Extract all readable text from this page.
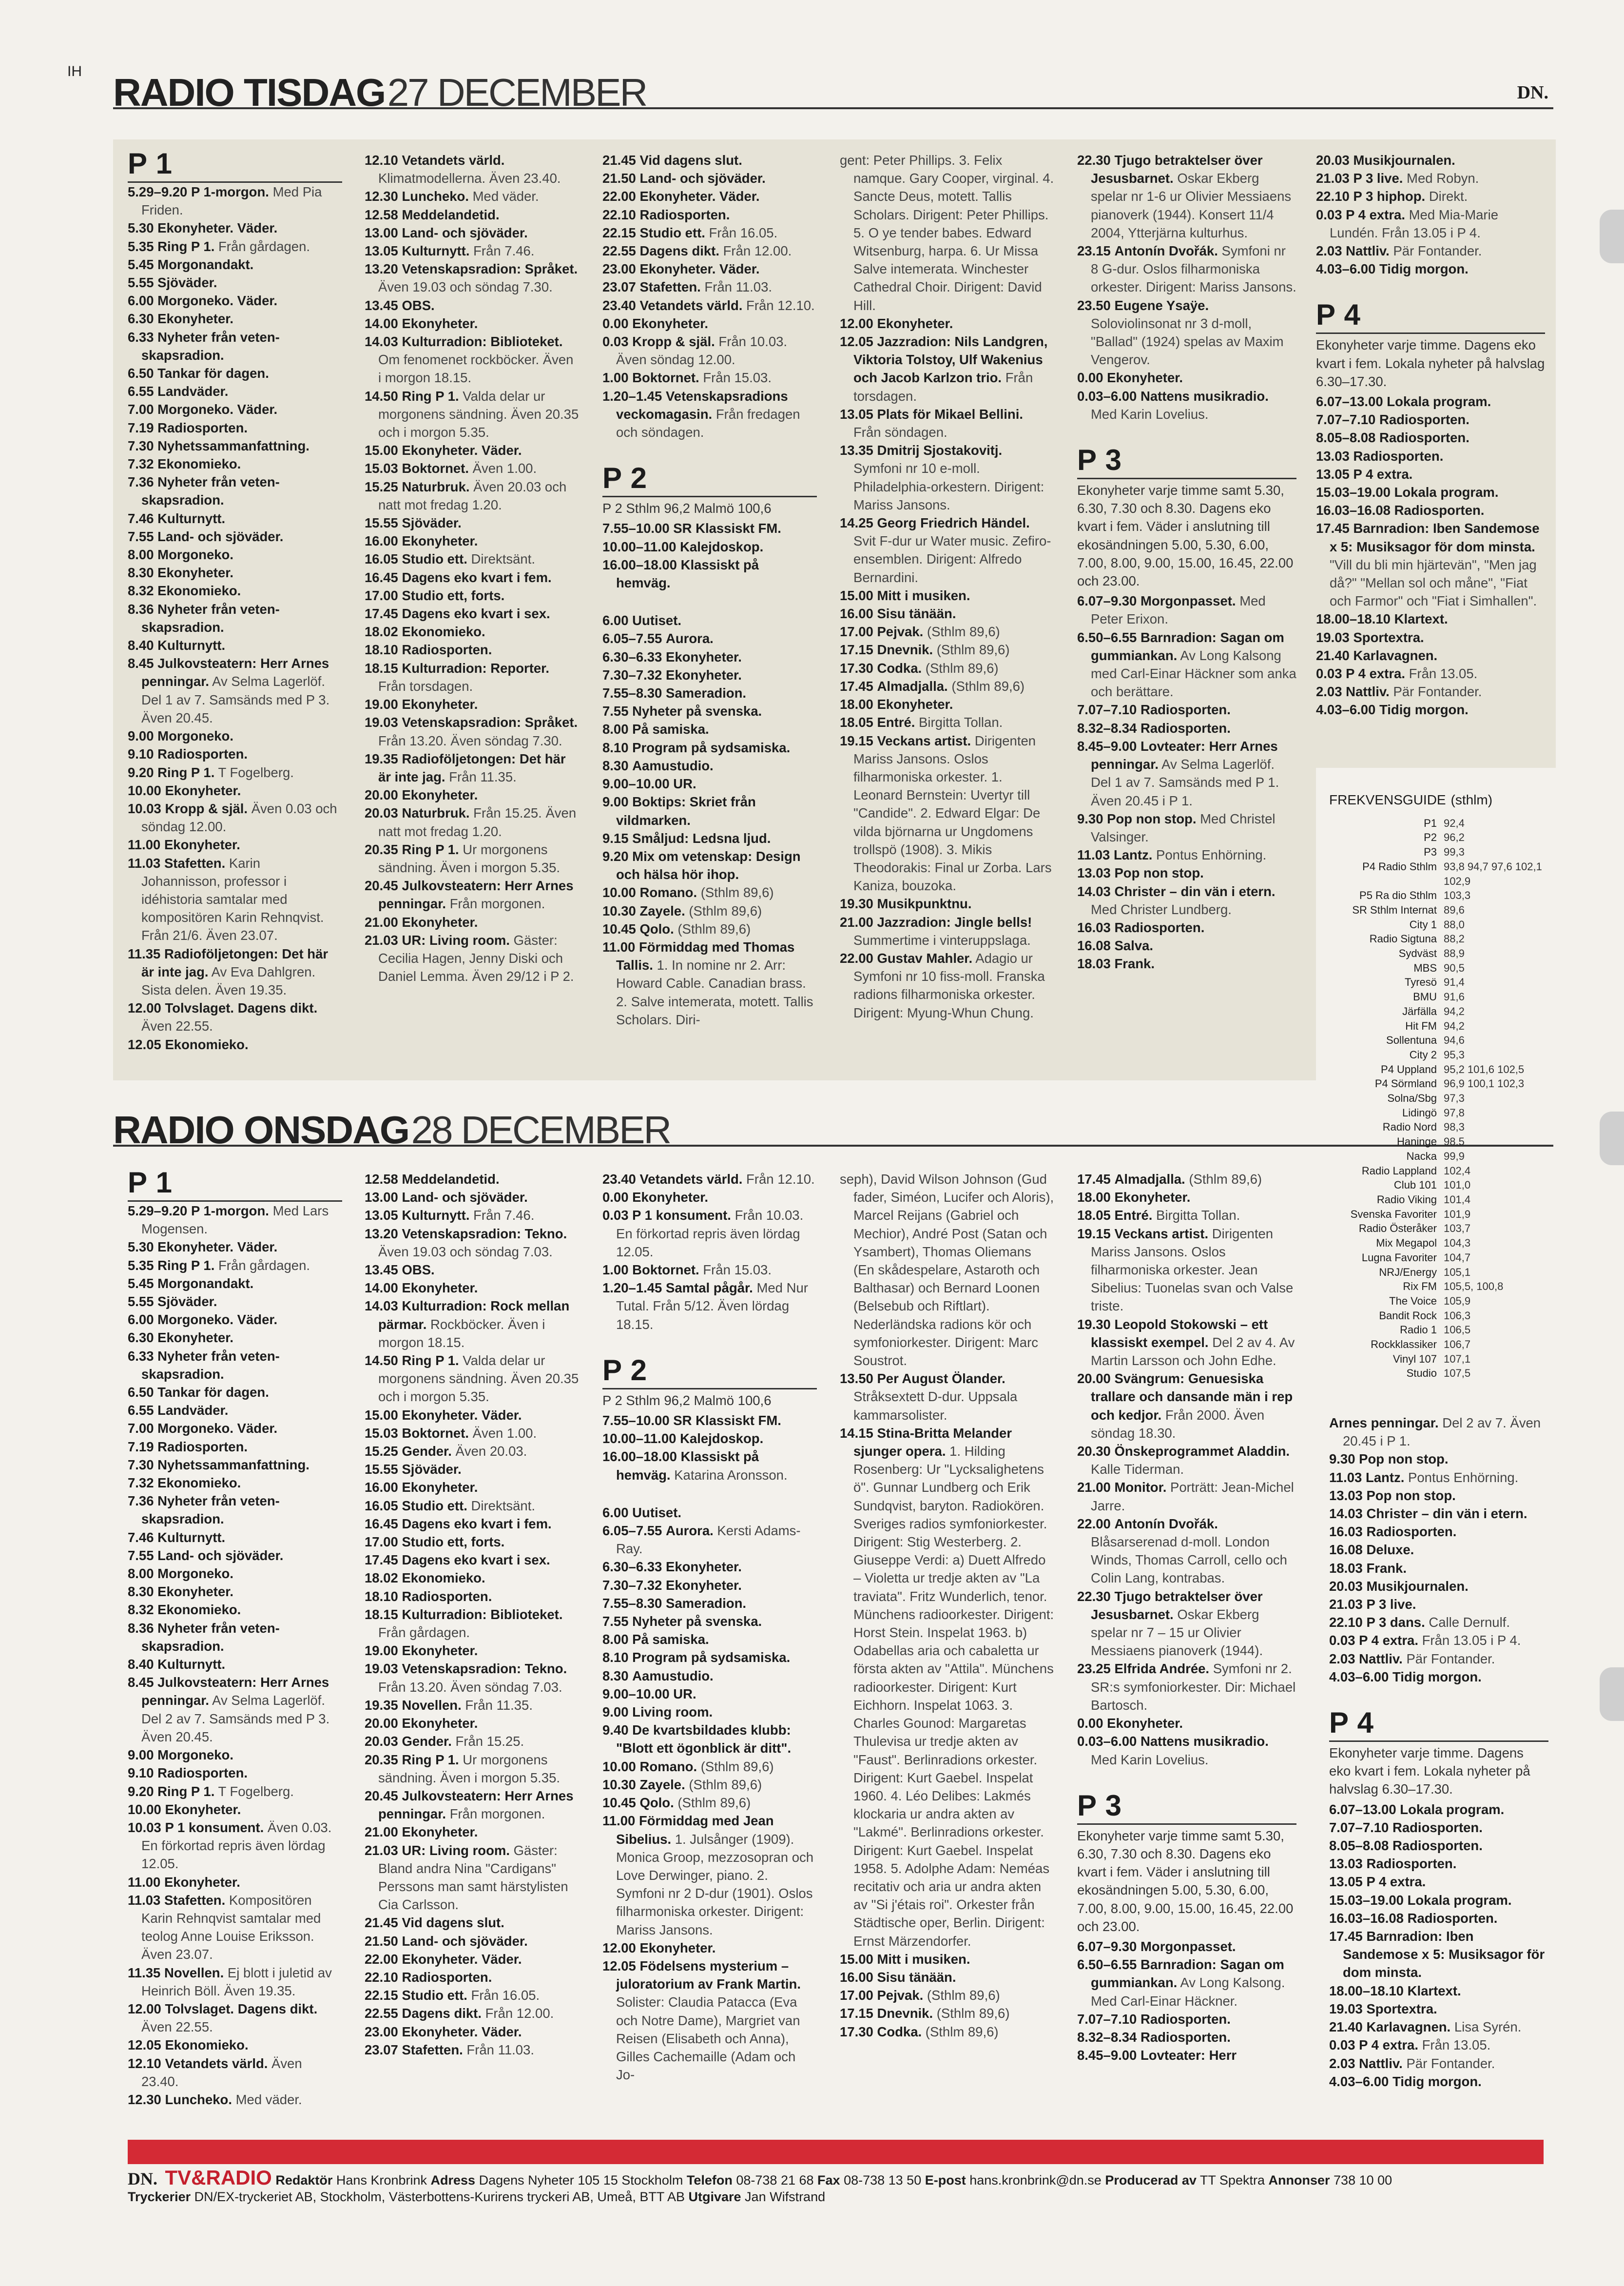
RADIO TISDAG 27 DECEMBER	DN.
P 1

5.29–9.20 P 1-morgon. Med Pia Friden.

5.30 Ekonyheter. Väder.

5.35 Ring P 1. Från gårdagen.

5.45 Morgonandakt.

5.55 Sjöväder.

6.00 Morgoneko. Väder.

6.30 Ekonyheter.

6.33 Nyheter från veten-skapsradion.

6.50 Tankar för dagen.

6.55 Landväder.

7.00 Morgoneko. Väder.

7.19 Radiosporten.

7.30 Nyhetssammanfattning.

7.32 Ekonomieko.

7.36 Nyheter från veten-skapsradion.

7.46 Kulturnytt.

7.55 Land- och sjöväder.

8.00 Morgoneko.

8.30 Ekonyheter.

8.32 Ekonomieko.

8.36 Nyheter från veten-skapsradion.

8.40 Kulturnytt.

8.45 Julkovsteatern: Herr Arnes penningar. Av Selma Lagerlöf. Del 1 av 7. Samsänds med P 3. Även 20.45.

9.00 Morgoneko.

9.10 Radiosporten.

9.20 Ring P 1. T Fogelberg.

10.00 Ekonyheter.

10.03 Kropp & själ. Även 0.03 och söndag 12.00.

11.00 Ekonyheter.

11.03 Stafetten. Karin Johannisson, professor i idéhistoria samtalar med kompositören Karin Rehnqvist. Från 21/6. Även 23.07.

11.35 Radioföljetongen: Det här är inte jag. Av Eva Dahlgren. Sista delen. Även 19.35.

12.00 Tolvslaget. Dagens dikt. Även 22.55.

12.05 Ekonomieko.

12.10 Vetandets värld. Klimatmodellerna. Även 23.40.

12.30 Luncheko. Med väder.

12.58 Meddelandetid.

13.00 Land- och sjöväder.

13.05 Kulturnytt. Från 7.46.

13.20 Vetenskapsradion: Språket. Även 19.03 och söndag 7.30.

13.45 OBS.

14.00 Ekonyheter.

14.03 Kulturradion: Biblioteket. Om fenomenet rockböcker. Även i morgon 18.15.

14.50 Ring P 1. Valda delar ur morgonens sändning. Även 20.35 och i morgon 5.35.

15.00 Ekonyheter. Väder.

15.03 Boktornet. Även 1.00.

15.25 Naturbruk. Även 20.03 och natt mot fredag 1.20.

15.55 Sjöväder.

16.00 Ekonyheter.

16.05 Studio ett. Direktsänt.

16.45 Dagens eko kvart i fem.

17.00 Studio ett, forts.

17.45 Dagens eko kvart i sex.

18.02 Ekonomieko.

18.10 Radiosporten.

18.15 Kulturradion: Reporter. Från torsdagen.

19.00 Ekonyheter.

19.03 Vetenskapsradion: Språket. Från 13.20. Även söndag 7.30.

19.35 Radioföljetongen: Det här är inte jag. Från 11.35.

20.00 Ekonyheter.

20.03 Naturbruk. Från 15.25. Även natt mot fredag 1.20.

20.35 Ring P 1. Ur morgonens sändning. Även i morgon 5.35.

20.45 Julkovsteatern: Herr Arnes penningar. Från morgonen.

21.00 Ekonyheter.

21.03 UR: Living room. Gäster: Cecilia Hagen, Jenny Diski och Daniel Lemma. Även 29/12 i P 2.

21.45 Vid dagens slut.

21.50 Land- och sjöväder.

22.00 Ekonyheter. Väder.

22.10 Radiosporten.

22.15 Studio ett. Från 16.05.

22.55 Dagens dikt. Från 12.00.

23.00 Ekonyheter. Väder.

23.07 Stafetten. Från 11.03.

23.40 Vetandets värld. Från 12.10.

0.00 Ekonyheter.

0.03 Kropp & själ. Från 10.03. Även söndag 12.00.

1.00 Boktornet. Från 15.03.

1.20–1.45 Vetenskapsradions veckomagasin. Från fredagen och söndagen.

P 2

P 2 Sthlm 96,2 Malmö 100,6

7.55–10.00 SR Klassiskt FM.

10.00–11.00 Kalejdoskop.

16.00–18.00 Klassiskt på hemväg.

6.00 Uutiset.

6.05–7.55 Aurora.

6.30–6.33 Ekonyheter.

7.30–7.32 Ekonyheter.

7.55–8.30 Sameradion.

7.55 Nyheter på svenska.

8.00 På samiska.

8.10 Program på sydsamiska.

8.30 Aamustudio.

9.00–10.00 UR.

9.00 Boktips: Skriet från vildmarken.

9.15 Småljud: Ledsna ljud.

9.20 Mix om vetenskap: Design och hälsa hör ihop.

10.00 Romano. (Sthlm 89,6)

10.30 Zayele. (Sthlm 89,6)

10.45 Qolo. (Sthlm 89,6)

11.00 Förmiddag med Thomas Tallis. 1. In nomine nr 2. Arr: Howard Cable. Canadian brass. 2. Salve intemerata, motett. Tallis Scholars. Diri-

gent: Peter Phillips. 3. Felix namque. Gary Cooper, virginal. 4. Sancte Deus, motett. Tallis Scholars. Dirigent: Peter Phillips. 5. O ye tender babes. Edward Witsenburg, harpa. 6. Ur Missa Salve intemerata. Winchester Cathedral Choir. Dirigent: David Hill.

12.00 Ekonyheter.

12.05 Jazzradion: Nils Landgren, Viktoria Tolstoy, Ulf Wakenius och Jacob Karlzon trio. Från torsdagen.

13.05 Plats för Mikael Bellini. Från söndagen.

13.35 Dmitrij Sjostakovitj. Symfoni nr 10 e-moll. Philadelphia-orkestern. Dirigent: Mariss Jansons.

14.25 Georg Friedrich Händel. Svit F-dur ur Water music. Zefiro-ensemblen. Dirigent: Alfredo Bernardini.

15.00 Mitt i musiken.

16.00 Sisu tänään.

17.00 Pejvak. (Sthlm 89,6)

17.15 Dnevnik. (Sthlm 89,6)

17.30 Codka. (Sthlm 89,6)

17.45 Almadjalla. (Sthlm 89,6)

18.00 Ekonyheter.

18.05 Entré. Birgitta Tollan.

19.15 Veckans artist. Dirigenten Mariss Jansons. Oslos filharmoniska orkester. 1. Leonard Bernstein: Uvertyr till "Candide". 2. Edward Elgar: De vilda björnarna ur Ungdomens trollspö (1908). 3. Mikis Theodorakis: Final ur Zorba. Lars Kaniza, bouzoka.

19.30 Musikpunktnu.

21.00 Jazzradion: Jingle bells! Summertime i vinteruppslaga.

22.00 Gustav Mahler. Adagio ur Symfoni nr 10 fiss-moll. Franska radions filharmoniska orkester. Dirigent: Myung-Whun Chung.

22.30 Tjugo betraktelser över Jesusbarnet. Oskar Ekberg spelar nr 1-6 ur Olivier Messiaens pianoverk (1944). Konsert 11/4 2004, Ytterjärna kulturhus.

23.15 Antonín Dvořák. Symfoni nr 8 G-dur. Oslos filharmoniska orkester. Dirigent: Mariss Jansons.

23.50 Eugene Ysaÿe. Soloviolinsonat nr 3 d-moll, "Ballad" (1924) spelas av Maxim Vengerov.

0.00 Ekonyheter.

0.03–6.00 Nattens musikradio. Med Karin Lovelius.

P 3

Ekonyheter varje timme samt 5.30, 6.30, 7.30 och 8.30. Dagens eko kvart i fem. Väder i anslutning till ekosändningen 5.00, 5.30, 6.00, 7.00, 8.00, 9.00, 15.00, 16.45, 22.00 och 23.00.

6.07–9.30 Morgonpasset. Med Peter Erixon.

6.50–6.55 Barnradion: Sagan om gummiankan. Av Long Kalsong med Carl-Einar Häckner som anka och berättare.

7.07–7.10 Radiosporten.

8.32–8.34 Radiosporten.

8.45–9.00 Lovteater: Herr Arnes penningar. Av Selma Lagerlöf. Del 1 av 7. Samsänds med P 1. Även 20.45 i P 1.

9.30 Pop non stop. Med Christel Valsinger.

11.03 Lantz. Pontus Enhörning.

13.03 Pop non stop.

14.03 Christer – din vän i etern. Med Christer Lundberg.

16.03 Radiosporten.

16.08 Salva.

18.03 Frank.

20.03 Musikjournalen.

21.03 P 3 live. Med Robyn.

22.10 P 3 hiphop. Direkt.

0.03 P 4 extra. Med Mia-Marie Lundén. Från 13.05 i P 4.

2.03 Nattliv. Pär Fontander.

4.03–6.00 Tidig morgon.

P 4

Ekonyheter varje timme. Dagens eko kvart i fem. Lokala nyheter på halvslag 6.30–17.30.

6.07–13.00 Lokala program.

7.07–7.10 Radiosporten.

8.05–8.08 Radiosporten.

13.03 Radiosporten.

13.05 P 4 extra.

15.03–19.00 Lokala program.

16.03–16.08 Radiosporten.

17.45 Barnradion: Iben Sandemose x 5: Musiksagor för dom minsta. "Vill du bli min hjärtevän", "Men jag då?" "Mellan sol och måne", "Fiat och Farmor" och "Fiat i Simhallen".

18.00–18.10 Klartext.

19.03 Sportextra.

21.40 Karlavagnen.

0.03 P 4 extra. Från 13.05.

2.03 Nattliv. Pär Fontander.

4.03–6.00 Tidig morgon.

RADIO ONSDAG 28 DECEMBER
P 1

5.29–9.20 P 1-morgon. Med Lars Mogensen.

5.30 Ekonyheter. Väder.

5.35 Ring P 1. Från gårdagen.

5.45 Morgonandakt.

5.55 Sjöväder.

6.00 Morgoneko. Väder.

6.30 Ekonyheter.

6.33 Nyheter från veten-skapsradion.

6.50 Tankar för dagen.

6.55 Landväder.

7.00 Morgoneko. Väder.

7.19 Radiosporten.

7.30 Nyhetssammanfattning.

7.32 Ekonomieko.

7.36 Nyheter från veten-skapsradion.

7.46 Kulturnytt.

7.55 Land- och sjöväder.

8.00 Morgoneko.

8.30 Ekonyheter.

8.32 Ekonomieko.

8.36 Nyheter från veten-skapsradion.

8.40 Kulturnytt.

8.45 Julkovsteatern: Herr Arnes penningar. Av Selma Lagerlöf. Del 2 av 7. Samsänds med P 3. Även 20.45.

9.00 Morgoneko.

9.10 Radiosporten.

9.20 Ring P 1. T Fogelberg.

10.00 Ekonyheter.

10.03 P 1 konsument. Även 0.03. En förkortad repris även lördag 12.05.

11.00 Ekonyheter.

11.03 Stafetten. Kompositören Karin Rehnqvist samtalar med teolog Anne Louise Eriksson. Även 23.07.

11.35 Novellen. Ej blott i juletid av Heinrich Böll. Även 19.35.

12.00 Tolvslaget. Dagens dikt. Även 22.55.

12.05 Ekonomieko.

12.10 Vetandets värld. Även 23.40.

12.30 Luncheko. Med väder.

12.58 Meddelandetid.

13.00 Land- och sjöväder.

13.05 Kulturnytt. Från 7.46.

13.20 Vetenskapsradion: Tekno. Även 19.03 och söndag 7.03.

13.45 OBS.

14.00 Ekonyheter.

14.03 Kulturradion: Rock mellan pärmar. Rockböcker. Även i morgon 18.15.

14.50 Ring P 1. Valda delar ur morgonens sändning. Även 20.35 och i morgon 5.35.

15.00 Ekonyheter. Väder.

15.03 Boktornet. Även 1.00.

15.25 Gender. Även 20.03.

15.55 Sjöväder.

16.00 Ekonyheter.

16.05 Studio ett. Direktsänt.

16.45 Dagens eko kvart i fem.

17.00 Studio ett, forts.

17.45 Dagens eko kvart i sex.

18.02 Ekonomieko.

18.10 Radiosporten.

18.15 Kulturradion: Biblioteket. Från gårdagen.

19.00 Ekonyheter.

19.03 Vetenskapsradion: Tekno. Från 13.20. Även söndag 7.03.

19.35 Novellen. Från 11.35.

20.00 Ekonyheter.

20.03 Gender. Från 15.25.

20.35 Ring P 1. Ur morgonens sändning. Även i morgon 5.35.

20.45 Julkovsteatern: Herr Arnes penningar. Från morgonen.

21.00 Ekonyheter.

21.03 UR: Living room. Gäster: Bland andra Nina "Cardigans" Perssons man samt härstylisten Cia Carlsson.

21.45 Vid dagens slut.

21.50 Land- och sjöväder.

22.00 Ekonyheter. Väder.

22.10 Radiosporten.

22.15 Studio ett. Från 16.05.

22.55 Dagens dikt. Från 12.00.

23.00 Ekonyheter. Väder.

23.07 Stafetten. Från 11.03.

23.40 Vetandets värld. Från 12.10.

0.00 Ekonyheter.

0.03 P 1 konsument. Från 10.03. En förkortad repris även lördag 12.05.

1.00 Boktornet. Från 15.03.

1.20–1.45 Samtal pågår. Med Nur Tutal. Från 5/12. Även lördag 18.15.

P 2

P 2 Sthlm 96,2 Malmö 100,6

7.55–10.00 SR Klassiskt FM.

10.00–11.00 Kalejdoskop.

16.00–18.00 Klassiskt på hemväg. Katarina Aronsson.

6.00 Uutiset.

6.05–7.55 Aurora. Kersti Adams-Ray.

6.30–6.33 Ekonyheter.

7.30–7.32 Ekonyheter.

7.55–8.30 Sameradion.

7.55 Nyheter på svenska.

8.00 På samiska.

8.10 Program på sydsamiska.

8.30 Aamustudio.

9.00–10.00 UR.

9.00 Living room.

9.40 De kvartsbildades klubb: "Blott ett ögonblick är ditt".

10.00 Romano. (Sthlm 89,6)

10.30 Zayele. (Sthlm 89,6)

10.45 Qolo. (Sthlm 89,6)

11.00 Förmiddag med Jean Sibelius. 1. Julsånger (1909). Monica Groop, mezzosopran och Love Derwinger, piano. 2. Symfoni nr 2 D-dur (1901). Oslos filharmoniska orkester. Dirigent: Mariss Jansons.

12.00 Ekonyheter.

12.05 Födelsens mysterium – juloratorium av Frank Martin. Solister: Claudia Patacca (Eva och Notre Dame), Margriet van Reisen (Elisabeth och Anna), Gilles Cachemaille (Adam och Jo-

seph), David Wilson Johnson (Gud fader, Siméon, Lucifer och Aloris), Marcel Reijans (Gabriel och Mechior), André Post (Satan och Ysambert), Thomas Oliemans (En skådespelare, Astaroth och Balthasar) och Bernard Loonen (Belsebub och Riftlart). Nederländska radions kör och symfoniorkester. Dirigent: Marc Soustrot.

13.50 Per August Ölander. Stråksextett D-dur. Uppsala kammarsolister.

14.15 Stina-Britta Melander sjunger opera. 1. Hilding Rosenberg: Ur "Lycksalighetens ö". Gunnar Lundberg och Erik Sundqvist, baryton. Radiokören. Sveriges radios symfoniorkester. Dirigent: Stig Westerberg. 2. Giuseppe Verdi: a) Duett Alfredo – Violetta ur tredje akten av "La traviata". Fritz Wunderlich, tenor. Münchens radioorkester. Dirigent: Horst Stein. Inspelat 1963. b) Odabellas aria och cabaletta ur första akten av "Attila". Münchens radioorkester. Dirigent: Kurt Eichhorn. Inspelat 1063. 3. Charles Gounod: Margaretas Thulevisa ur tredje akten av "Faust". Berlinradions orkester. Dirigent: Kurt Gaebel. Inspelat 1960. 4. Léo Delibes: Lakmés klockaria ur andra akten av "Lakmé". Berlinradions orkester. Dirigent: Kurt Gaebel. Inspelat 1958. 5. Adolphe Adam: Neméas recitativ och aria ur andra akten av "Si j'étais roi". Orkester från Städtische oper, Berlin. Dirigent: Ernst Märzendorfer.

15.00 Mitt i musiken.

16.00 Sisu tänään.

17.00 Pejvak. (Sthlm 89,6)

17.15 Dnevnik. (Sthlm 89,6)

17.30 Codka. (Sthlm 89,6)

17.45 Almadjalla. (Sthlm 89,6)

18.00 Ekonyheter.

18.05 Entré. Birgitta Tollan.

19.15 Veckans artist. Dirigenten Mariss Jansons. Oslos filharmoniska orkester. Jean Sibelius: Tuonelas svan och Valse triste.

19.30 Leopold Stokowski – ett klassiskt exempel. Del 2 av 4. Av Martin Larsson och John Edhe.

20.00 Svängrum: Genuesiska trallare och dansande män i rep och kedjor. Från 2000. Även söndag 18.30.

20.30 Önskeprogrammet Aladdin. Kalle Tiderman.

21.00 Monitor. Porträtt: Jean-Michel Jarre.

22.00 Antonín Dvořák. Blåsarserenad d-moll. London Winds, Thomas Carroll, cello och Colin Lang, kontrabas.

22.30 Tjugo betraktelser över Jesusbarnet. Oskar Ekberg spelar nr 7 – 15 ur Olivier Messiaens pianoverk (1944).

23.25 Elfrida Andrée. Symfoni nr 2. SR:s symfoniorkester. Dir: Michael Bartosch.

0.00 Ekonyheter.

0.03–6.00 Nattens musikradio. Med Karin Lovelius.

P 3

Ekonyheter varje timme samt 5.30, 6.30, 7.30 och 8.30. Dagens eko kvart i fem. Väder i anslutning till ekosändningen 5.00, 5.30, 6.00, 7.00, 8.00, 9.00, 15.00, 16.45, 22.00 och 23.00.

6.07–9.30 Morgonpasset.

6.50–6.55 Barnradion: Sagan om gummiankan. Av Long Kalsong. Med Carl-Einar Häckner.

7.07–7.10 Radiosporten.

8.32–8.34 Radiosporten.

8.45–9.00 Lovteater: Herr

Arnes penningar. Del 2 av 7. Även 20.45 i P 1.

9.30 Pop non stop.

11.03 Lantz. Pontus Enhörning.

13.03 Pop non stop.

14.03 Christer – din vän i etern.

16.03 Radiosporten.

16.08 Deluxe.

18.03 Frank.

20.03 Musikjournalen.

21.03 P 3 live.

22.10 P 3 dans. Calle Dernulf.

0.03 P 4 extra. Från 13.05 i P 4.

2.03 Nattliv. Pär Fontander.

4.03–6.00 Tidig morgon.

P 4

Ekonyheter varje timme. Dagens eko kvart i fem. Lokala nyheter på halvslag 6.30–17.30.

6.07–13.00 Lokala program.

7.07–7.10 Radiosporten.

8.05–8.08 Radiosporten.

13.03 Radiosporten.

13.05 P 4 extra.

15.03–19.00 Lokala program.

16.03–16.08 Radiosporten.

17.45 Barnradion: Iben Sandemose x 5: Musiksagor för dom minsta.

18.00–18.10 Klartext.

19.03 Sportextra.

21.40 Karlavagnen. Lisa Syrén.

0.03 P 4 extra. Från 13.05.

2.03 Nattliv. Pär Fontander.

4.03–6.00 Tidig morgon.

FREKVENSGUIDE (sthlm)
P1 92,4
P2 96,2
P3 99,3
P4 Radio Sthlm 93,8 94,7 97,6 102,1 102,9
P5 Ra dio Sthlm 103,3
SR Sthlm Internat 89,6
City 1 88,0
Radio Sigtuna 88,2
Sydväst 88,9
MBS 90,5
Tyresö 91,4
BMU 91,6
Järfälla 94,2
Hit FM 94,2
Sollentuna 94,6
City 2 95,3
P4 Uppland 95,2 101,6 102,5
P4 Sörmland 96,9 100,1 102,3
Solna/Sbg 97,3
Lidingö 97,8
Radio Nord 98,3
Haninge 98,5
Nacka 99,9
Radio Lappland 102,4
Club 101 101,0
Radio Viking 101,4
Svenska Favoriter 101,9
Radio Österåker 103,7
Mix Megapol 104,3
Lugna Favoriter 104,7
NRJ/Energy 105,1
Rix FM 105,5, 100,8
The Voice 105,9
Bandit Rock 106,3
Radio 1 106,5
Rockklassiker 106,7
Vinyl 107 107,1
Studio 107,5
DN. TV&RADIO Redaktör Hans Kronbrink Adress Dagens Nyheter 105 15 Stockholm Telefon 08-738 21 68 Fax 08-738 13 50 E-post hans.kronbrink@dn.se Producerad av TT Spektra Annonser 738 10 00
Tryckerier DN/EX-tryckeriet AB, Stockholm, Västerbottens-Kurirens tryckeri AB, Umeå, BTT AB Utgivare Jan Wifstrand
IH
